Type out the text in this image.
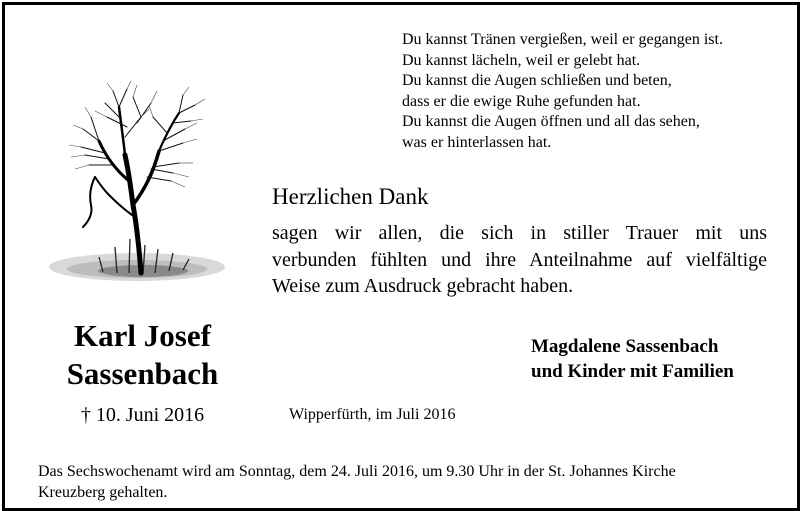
Du kannst Tränen vergießen, weil er gegangen ist.
Du kannst lächeln, weil er gelebt hat.
Du kannst die Augen schließen und beten,
dass er die ewige Ruhe gefunden hat.
Du kannst die Augen öffnen und all das sehen,
was er hinterlassen hat.
Herzlichen Dank
sagen wir allen, die sich in stiller Trauer mit uns
verbunden fühlten und ihre Anteilnahme auf vielfältige
Weise zum Ausdruck gebracht haben.
Karl Josef
Sassenbach
† 10. Juni 2016
Magdalene Sassenbach
und Kinder mit Familien
Wipperfürth, im Juli 2016
Das Sechswochenamt wird am Sonntag, dem 24. Juli 2016, um 9.30 Uhr in der St. Johannes Kirche
Kreuzberg gehalten.
